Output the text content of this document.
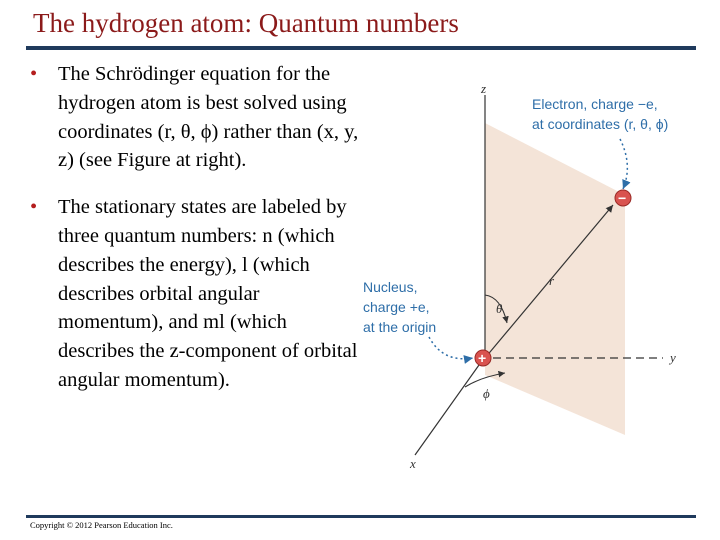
The hydrogen atom: Quantum numbers
• The Schrödinger equation for the hydrogen atom is best solved using coordinates (r, θ, ϕ) rather than (x, y, z) (see Figure at right).
• The stationary states are labeled by three quantum numbers: n (which describes the energy), l (which describes orbital angular momentum), and ml (which describes the z-component of orbital angular momentum).
z
y
x
r
θ
ϕ
Electron, charge −e,
at coordinates (r, θ, ϕ)
−
Nucleus,
charge +e,
at the origin
+
Copyright © 2012 Pearson Education Inc.
